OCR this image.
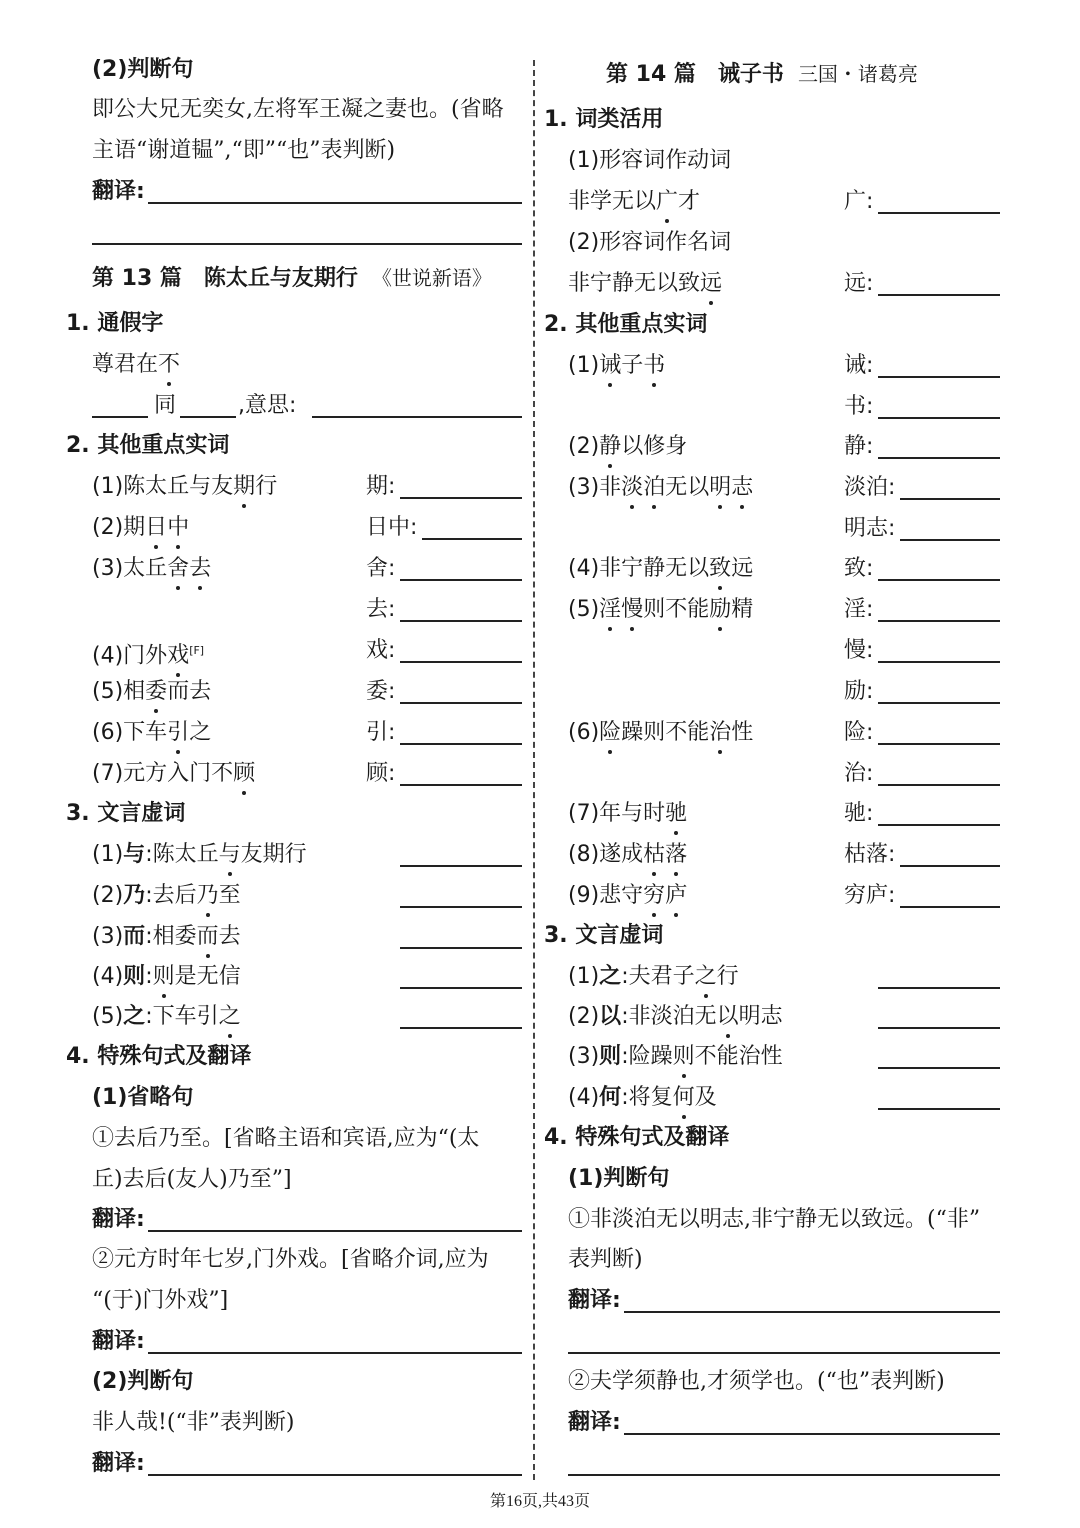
(2)判断句
即公大兄无奕女,左将军王凝之妻也。(省略
主语“谢道韫”,“即”“也”表判断)
翻译:
第 13 篇　陈太丘与友期行 《世说新语》
1. 通假字
尊君在不
同	,意思:
2. 其他重点实词
(1)陈太丘与友期行	期:
(2)期日中	日中:
(3)太丘舍去	舍:
去:
(4)门外戏[F]	戏:
(5)相委而去	委:
(6)下车引之	引:
(7)元方入门不顾	顾:
3. 文言虚词
(1)与:陈太丘与友期行
(2)乃:去后乃至
(3)而:相委而去
(4)则:则是无信
(5)之:下车引之
4. 特殊句式及翻译
(1)省略句
①去后乃至。[省略主语和宾语,应为“(太
丘)去后(友人)乃至”]
翻译:
②元方时年七岁,门外戏。[省略介词,应为
“(于)门外戏”]
翻译:
(2)判断句
非人哉!(“非”表判断)
翻译:
第 14 篇　诫子书 三国・诸葛亮
1. 词类活用
(1)形容词作动词
非学无以广才	广:
(2)形容词作名词
非宁静无以致远	远:
2. 其他重点实词
(1)诫子书	诫:
书:
(2)静以修身	静:
(3)非淡泊无以明志	淡泊:
明志:
(4)非宁静无以致远	致:
(5)淫慢则不能励精	淫:
慢:
励:
(6)险躁则不能治性	险:
治:
(7)年与时驰	驰:
(8)遂成枯落	枯落:
(9)悲守穷庐	穷庐:
3. 文言虚词
(1)之:夫君子之行
(2)以:非淡泊无以明志
(3)则:险躁则不能治性
(4)何:将复何及
4. 特殊句式及翻译
(1)判断句
①非淡泊无以明志,非宁静无以致远。(“非”
表判断)
翻译:
②夫学须静也,才须学也。(“也”表判断)
翻译:
第16页,共43页
